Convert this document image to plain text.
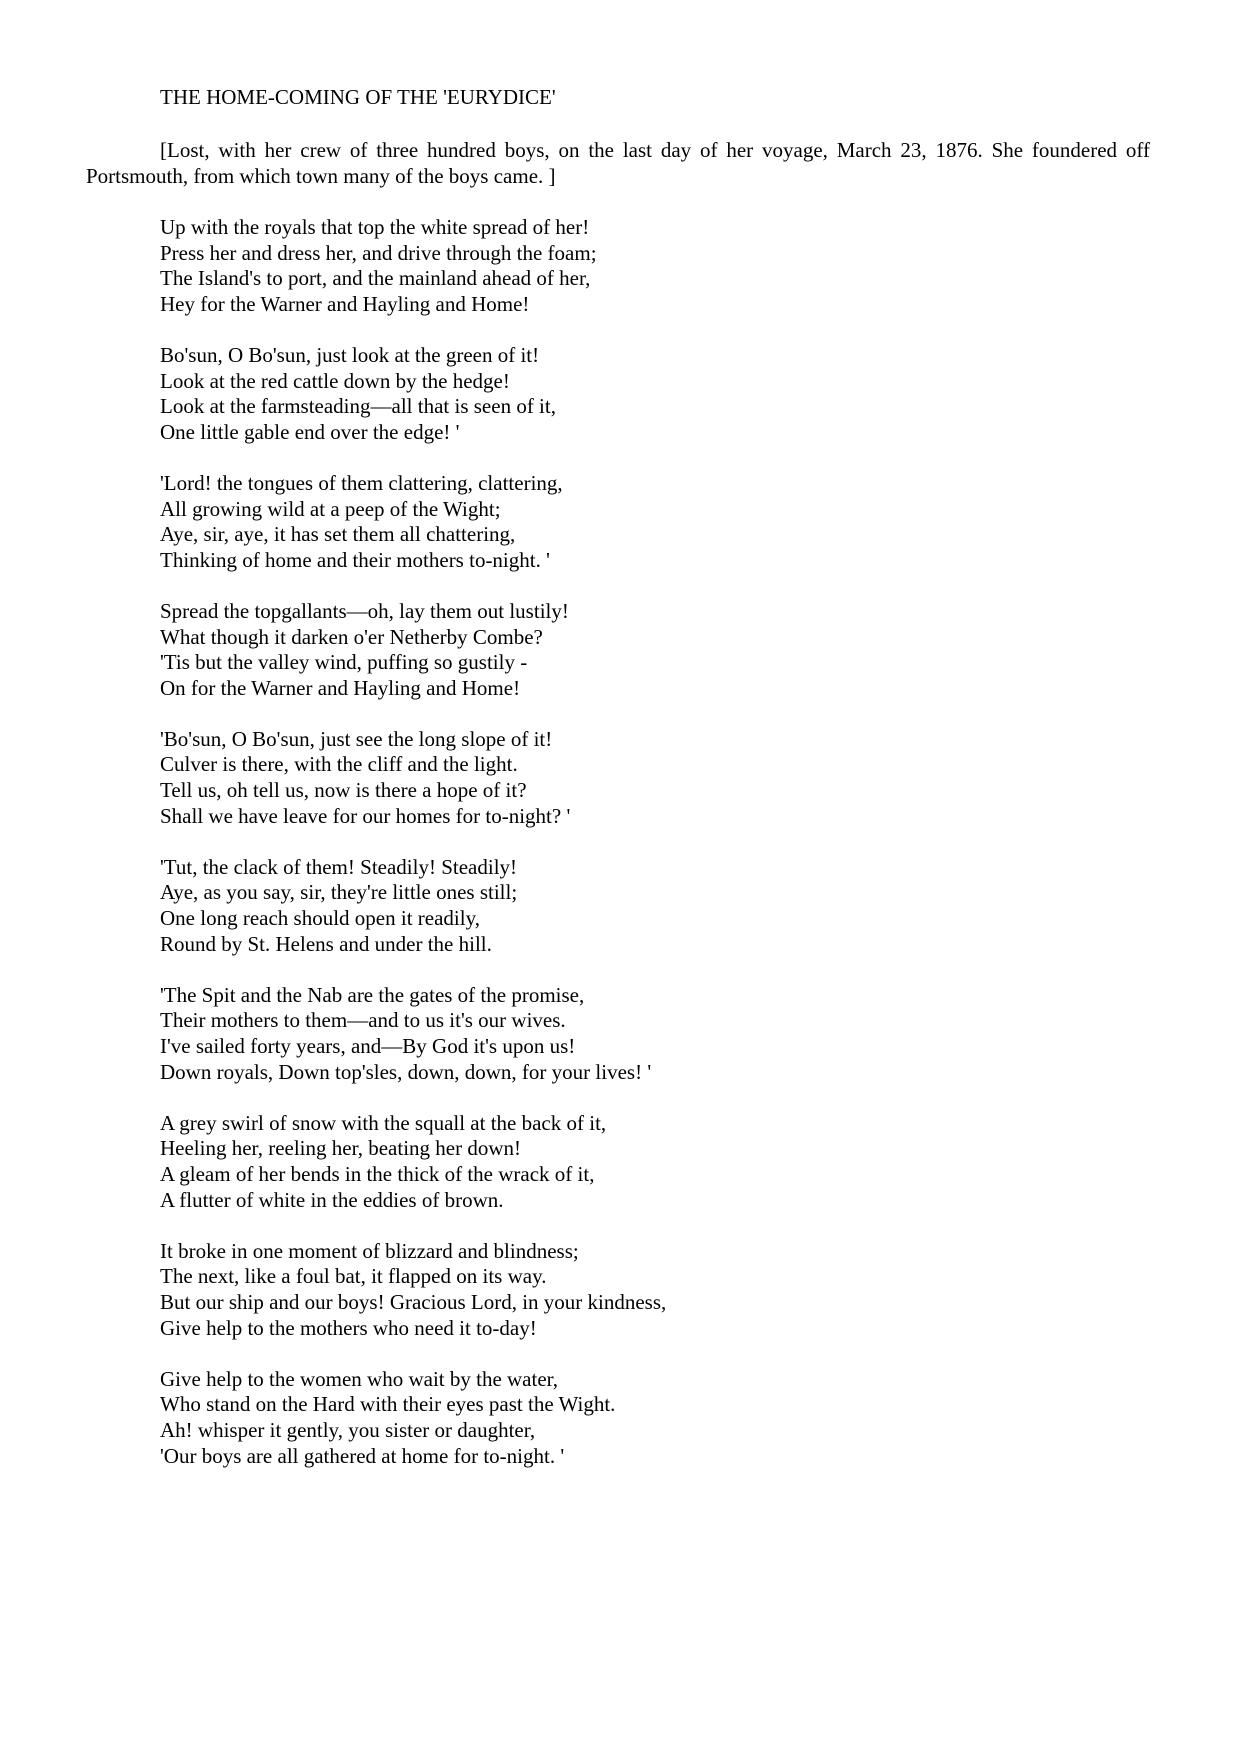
THE HOME-COMING OF THE 'EURYDICE'
[Lost, with her crew of three hundred boys, on the last day of her voyage, March 23, 1876. She foundered off Portsmouth, from which town many of the boys came. ]
Up with the royals that top the white spread of her!
Press her and dress her, and drive through the foam;
The Island's to port, and the mainland ahead of her,
Hey for the Warner and Hayling and Home!
Bo'sun, O Bo'sun, just look at the green of it!
Look at the red cattle down by the hedge!
Look at the farmsteading—all that is seen of it,
One little gable end over the edge! '
'Lord! the tongues of them clattering, clattering,
All growing wild at a peep of the Wight;
Aye, sir, aye, it has set them all chattering,
Thinking of home and their mothers to-night. '
Spread the topgallants—oh, lay them out lustily!
What though it darken o'er Netherby Combe?
'Tis but the valley wind, puffing so gustily -
On for the Warner and Hayling and Home!
'Bo'sun, O Bo'sun, just see the long slope of it!
Culver is there, with the cliff and the light.
Tell us, oh tell us, now is there a hope of it?
Shall we have leave for our homes for to-night? '
'Tut, the clack of them! Steadily! Steadily!
Aye, as you say, sir, they're little ones still;
One long reach should open it readily,
Round by St. Helens and under the hill.
'The Spit and the Nab are the gates of the promise,
Their mothers to them—and to us it's our wives.
I've sailed forty years, and—By God it's upon us!
Down royals, Down top'sles, down, down, for your lives! '
A grey swirl of snow with the squall at the back of it,
Heeling her, reeling her, beating her down!
A gleam of her bends in the thick of the wrack of it,
A flutter of white in the eddies of brown.
It broke in one moment of blizzard and blindness;
The next, like a foul bat, it flapped on its way.
But our ship and our boys! Gracious Lord, in your kindness,
Give help to the mothers who need it to-day!
Give help to the women who wait by the water,
Who stand on the Hard with their eyes past the Wight.
Ah! whisper it gently, you sister or daughter,
'Our boys are all gathered at home for to-night. '
